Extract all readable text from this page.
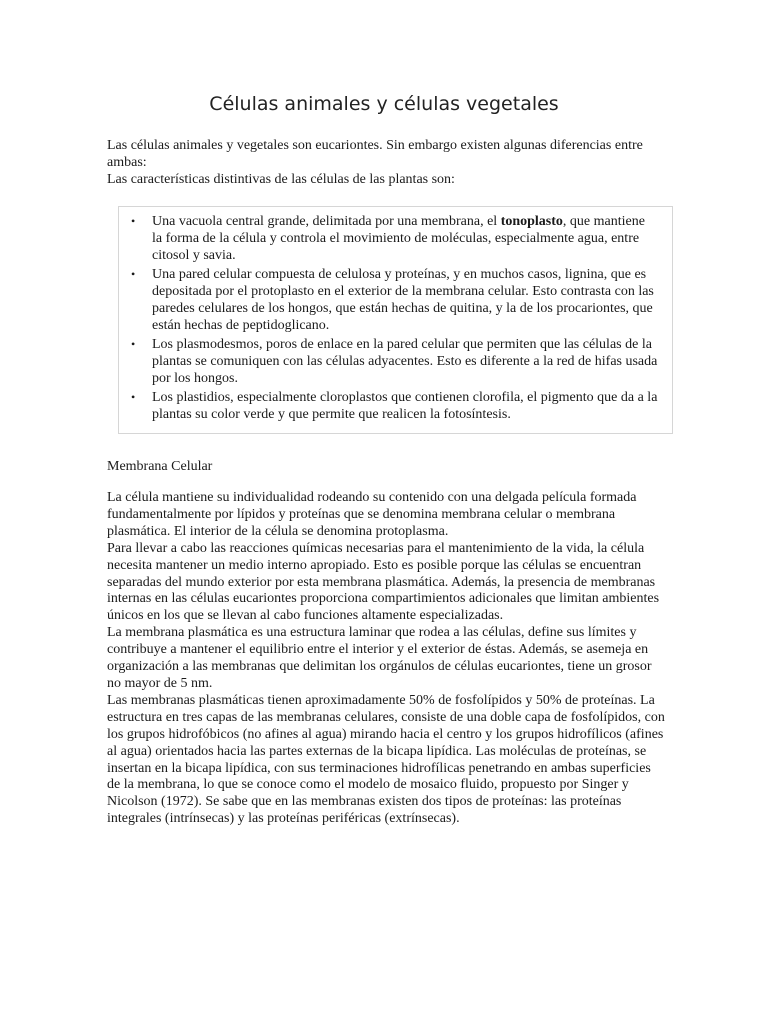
Células animales y células vegetales

Las células animales y vegetales son eucariontes. Sin embargo existen algunas diferencias entre ambas:

Las características distintivas de las células de las plantas son:

• Una vacuola central grande, delimitada por una membrana, el tonoplasto, que mantiene la forma de la célula y controla el movimiento de moléculas, especialmente agua, entre citosol y savia.
• Una pared celular compuesta de celulosa y proteínas, y en muchos casos, lignina, que es depositada por el protoplasto en el exterior de la membrana celular. Esto contrasta con las paredes celulares de los hongos, que están hechas de quitina, y la de los procariontes, que están hechas de peptidoglicano.
• Los plasmodesmos, poros de enlace en la pared celular que permiten que las células de la plantas se comuniquen con las células adyacentes. Esto es diferente a la red de hifas usada por los hongos.
• Los plastidios, especialmente cloroplastos que contienen clorofila, el pigmento que da a la plantas su color verde y que permite que realicen la fotosíntesis.
Membrana Celular

La célula mantiene su individualidad rodeando su contenido con una delgada película formada fundamentalmente por lípidos y proteínas que se denomina membrana celular o membrana plasmática. El interior de la célula se denomina protoplasma.

Para llevar a cabo las reacciones químicas necesarias para el mantenimiento de la vida, la célula necesita mantener un medio interno apropiado. Esto es posible porque las células se encuentran separadas del mundo exterior por esta membrana plasmática. Además, la presencia de membranas internas en las células eucariontes proporciona compartimientos adicionales que limitan ambientes únicos en los que se llevan al cabo funciones altamente especializadas.

La membrana plasmática es una estructura laminar que rodea a las células, define sus límites y contribuye a mantener el equilibrio entre el interior y el exterior de éstas. Además, se asemeja en organización a las membranas que delimitan los orgánulos de células eucariontes, tiene un grosor no mayor de 5 nm.

Las membranas plasmáticas tienen aproximadamente 50% de fosfolípidos y 50% de proteínas. La estructura en tres capas de las membranas celulares, consiste de una doble capa de fosfolípidos, con los grupos hidrofóbicos (no afines al agua) mirando hacia el centro y los grupos hidrofílicos (afines al agua) orientados hacia las partes externas de la bicapa lipídica. Las moléculas de proteínas, se insertan en la bicapa lipídica, con sus terminaciones hidrofílicas penetrando en ambas superficies de la membrana, lo que se conoce como el modelo de mosaico fluido, propuesto por Singer y Nicolson (1972). Se sabe que en las membranas existen dos tipos de proteínas: las proteínas integrales (intrínsecas) y las proteínas periféricas (extrínsecas).
